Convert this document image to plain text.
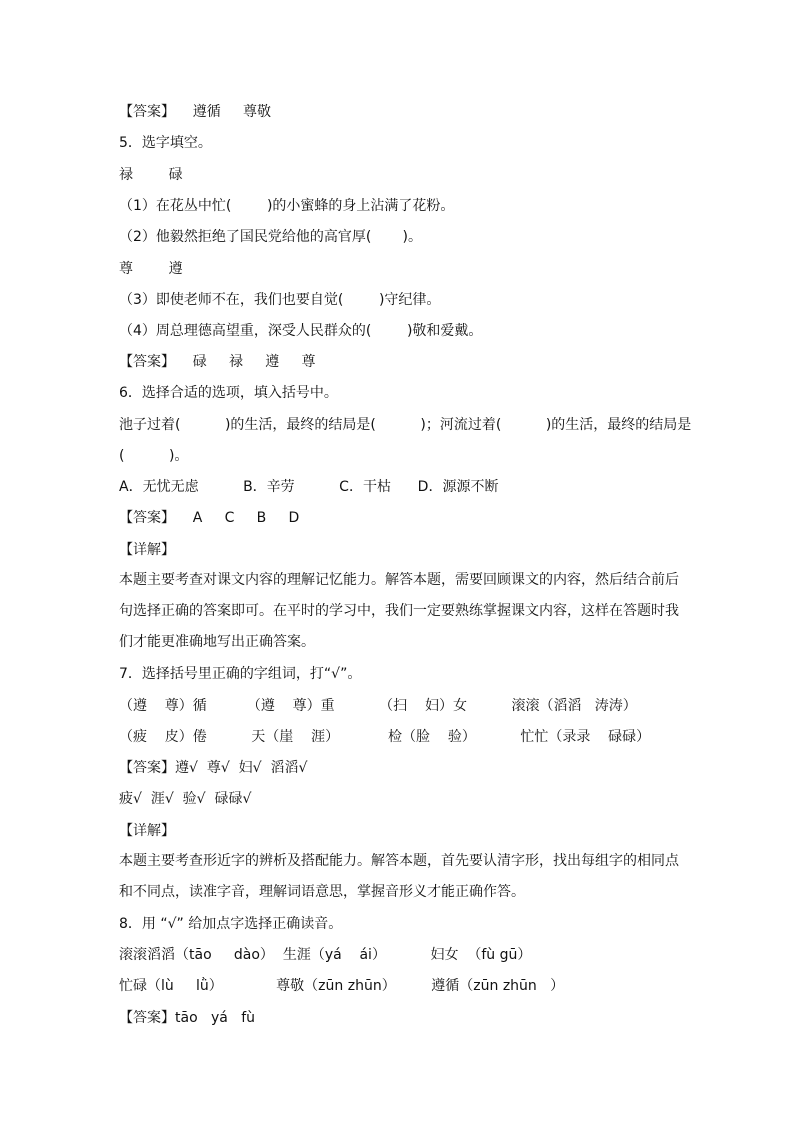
【答案】    遵循     尊敬
5．选字填空。
禄        碌
（1）在花丛中忙(        )的小蜜蜂的身上沾满了花粉。
（2）他毅然拒绝了国民党给他的高官厚(       )。
尊        遵
（3）即使老师不在，我们也要自觉(        )守纪律。
（4）周总理德高望重，深受人民群众的(        )敬和爱戴。
【答案】    碌     禄     遵     尊
6．选择合适的选项，填入括号中。
池子过着(          )的生活，最终的结局是(          )；河流过着(          )的生活，最终的结局是
(          )。
A．无忧无虑          B．辛劳          C．干枯      D．源源不断
【答案】    A     C     B     D
【详解】
本题主要考查对课文内容的理解记忆能力。解答本题，需要回顾课文的内容，然后结合前后句选择正确的答案即可。在平时的学习中，我们一定要熟练掌握课文内容，这样在答题时我们才能更准确地写出正确答案。
7．选择括号里正确的字组词，打“√”。
（遵    尊）循         （遵    尊）重          （扫    妇）女          滚滚（滔滔   涛涛）
（疲    皮）倦          天（崖    涯）           检（脸    验）          忙忙（录录    碌碌）
【答案】遵√  尊√  妇√  滔滔√
疲√  涯√  验√  碌碌√
【详解】
本题主要考查形近字的辨析及搭配能力。解答本题，首先要认清字形，找出每组字的相同点和不同点，读准字音，理解词语意思，掌握音形义才能正确作答。
8．用 “√” 给加点字选择正确读音。
滚滚滔滔（tāo     dào）  生涯（yá    ái）          妇女  （fù gū）
忙碌（lù     lǜ）            尊敬（zūn zhūn）        遵循（zūn zhūn   ）
【答案】tāo   yá   fù
